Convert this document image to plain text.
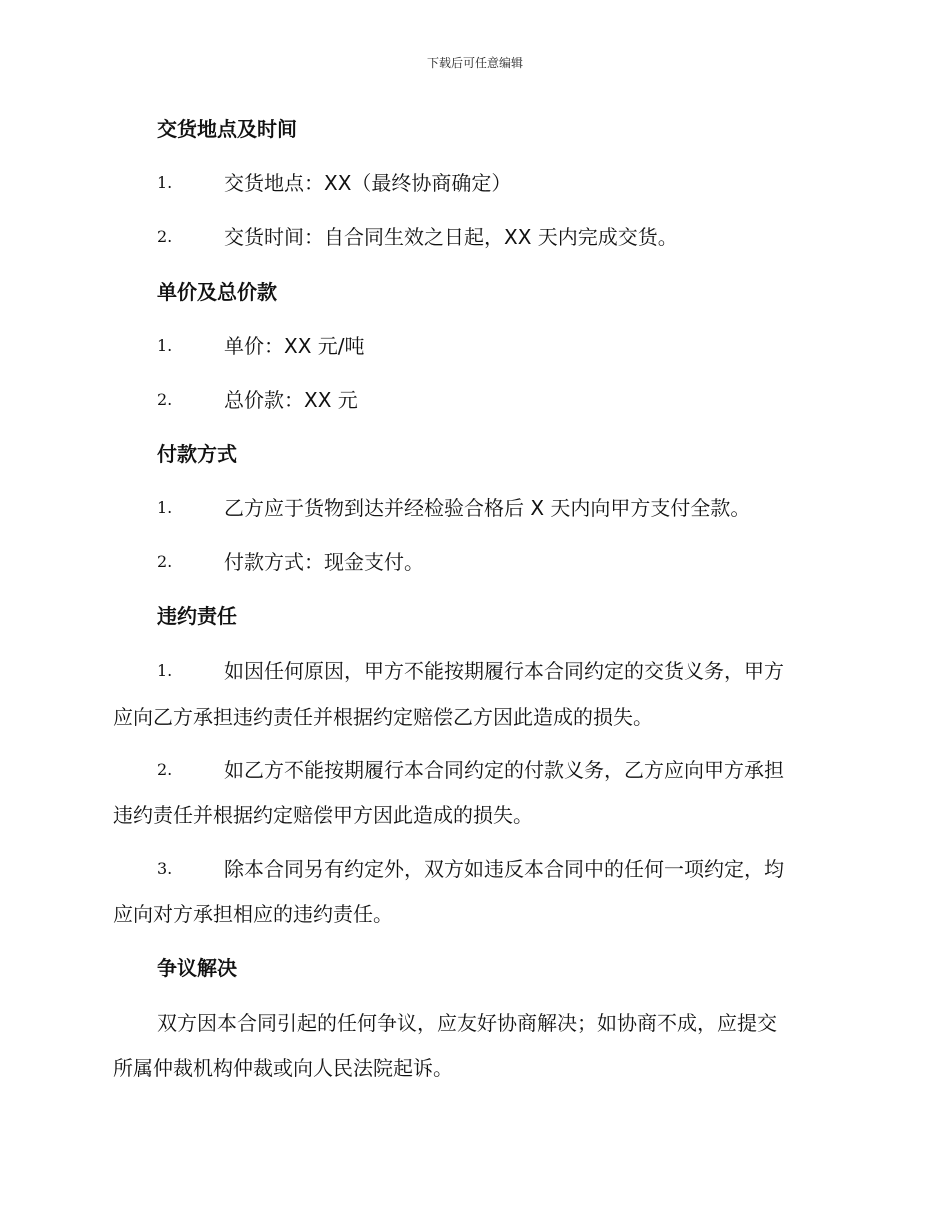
下载后可任意编辑
交货地点及时间
1.	交货地点：XX（最终协商确定）
2.	交货时间：自合同生效之日起，XX 天内完成交货。
单价及总价款
1.	单价：XX 元/吨
2.	总价款：XX 元
付款方式
1.	乙方应于货物到达并经检验合格后 X 天内向甲方支付全款。
2.	付款方式：现金支付。
违约责任
1.	如因任何原因，甲方不能按期履行本合同约定的交货义务，甲方
应向乙方承担违约责任并根据约定赔偿乙方因此造成的损失。
2.	如乙方不能按期履行本合同约定的付款义务，乙方应向甲方承担
违约责任并根据约定赔偿甲方因此造成的损失。
3.	除本合同另有约定外，双方如违反本合同中的任何一项约定，均
应向对方承担相应的违约责任。
争议解决
双方因本合同引起的任何争议，应友好协商解决；如协商不成，应提交
所属仲裁机构仲裁或向人民法院起诉。
